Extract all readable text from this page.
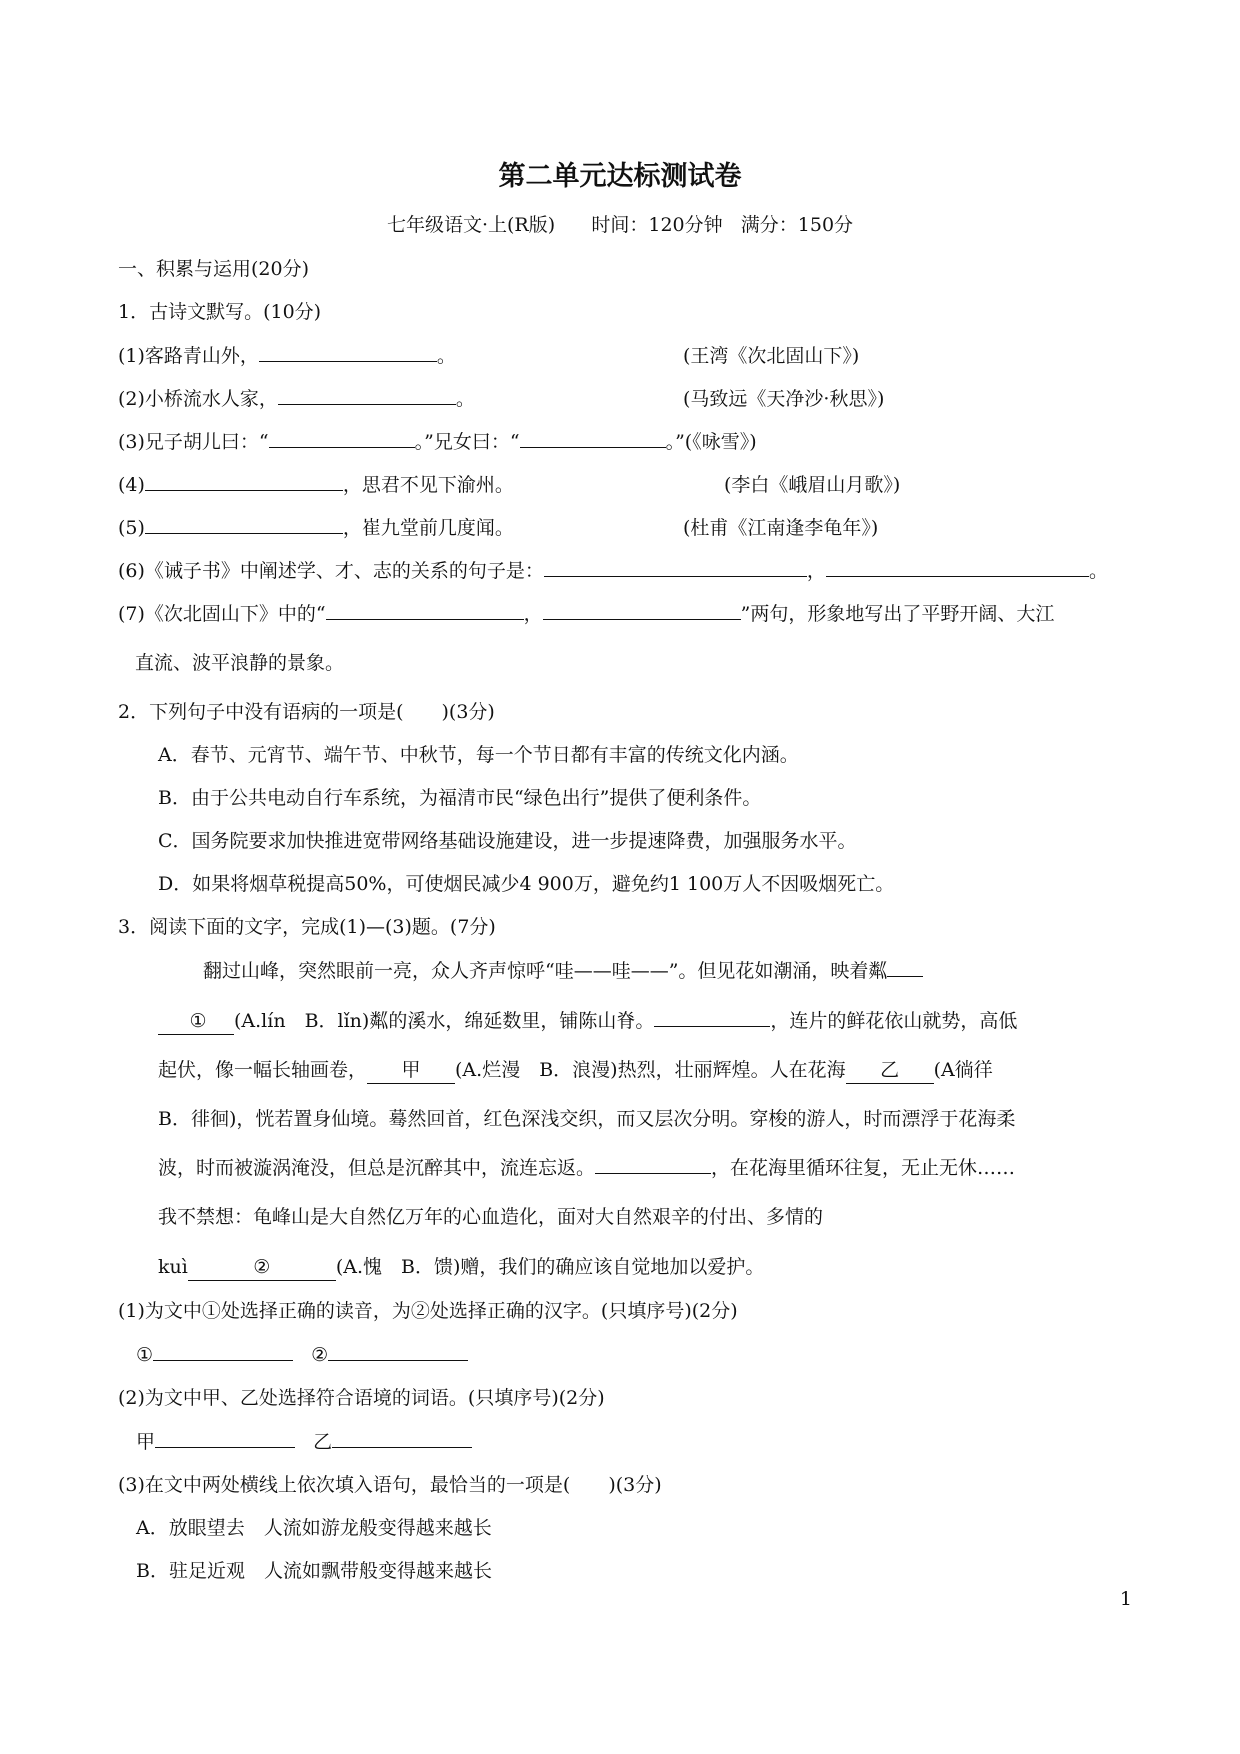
第二单元达标测试卷
七年级语文·上(R版)      时间：120分钟   满分：150分
一、积累与运用(20分)
1．古诗文默写。(10分)
(1)客路青山外，	。	(王湾《次北固山下》)
(2)小桥流水人家，	。	(马致远《天净沙·秋思》)
(3)兄子胡儿曰：“	。”兄女曰：“	。”(《咏雪》)
(4)	，思君不见下渝州。	(李白《峨眉山月歌》)
(5)	，崔九堂前几度闻。	(杜甫《江南逢李龟年》)
(6)《诫子书》中阐述学、才、志的关系的句子是：	，	。
(7)《次北固山下》中的“	，	”两句，形象地写出了平野开阔、大江
直流、波平浪静的景象。
2．下列句子中没有语病的一项是(　　)(3分)
A．春节、元宵节、端午节、中秋节，每一个节日都有丰富的传统文化内涵。
B．由于公共电动自行车系统，为福清市民“绿色出行”提供了便利条件。
C．国务院要求加快推进宽带网络基础设施建设，进一步提速降费，加强服务水平。
D．如果将烟草税提高50%，可使烟民减少4 900万，避免约1 100万人不因吸烟死亡。
3．阅读下面的文字，完成(1)—(3)题。(7分)
翻过山峰，突然眼前一亮，众人齐声惊呼“哇——哇——”。但见花如潮涌，映着粼
① (A.lín　B．lǐn)粼的溪水，绵延数里，铺陈山脊。	，连片的鲜花依山就势，高低
起伏，像一幅长轴画卷， 甲 (A.烂漫　B．浪漫)热烈，壮丽辉煌。人在花海 乙 (A徜徉
B．徘徊)，恍若置身仙境。蓦然回首，红色深浅交织，而又层次分明。穿梭的游人，时而漂浮于花海柔
波，时而被漩涡淹没，但总是沉醉其中，流连忘返。	，在花海里循环往复，无止无休……
我不禁想：龟峰山是大自然亿万年的心血造化，面对大自然艰辛的付出、多情的
kuì	②	(A.愧　B．馈)赠，我们的确应该自觉地加以爱护。
(1)为文中①处选择正确的读音，为②处选择正确的汉字。(只填序号)(2分)
①	②
(2)为文中甲、乙处选择符合语境的词语。(只填序号)(2分)
甲	乙
(3)在文中两处横线上依次填入语句，最恰当的一项是(　　)(3分)
A．放眼望去　人流如游龙般变得越来越长
B．驻足近观　人流如飘带般变得越来越长
1
